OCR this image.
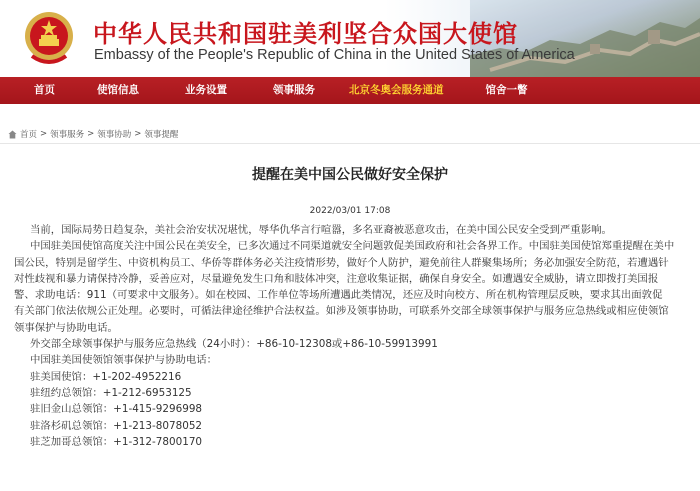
中华人民共和国驻美利坚合众国大使馆
Embassy of the People's Republic of China in the United States of America
首页	使馆信息	业务设置	领事服务	北京冬奥会服务通道	馆舍一瞥
首页 > 领事服务 > 领事协助 > 领事提醒
提醒在美中国公民做好安全保护
2022/03/01 17:08

当前，国际局势日趋复杂，美社会治安状况堪忧，辱华仇华言行喧嚣，多名亚裔被恶意攻击，在美中国公民安全受到严重影响。

中国驻美国使馆高度关注中国公民在美安全，已多次通过不同渠道就安全问题敦促美国政府和社会各界工作。中国驻美国使馆郑重提醒在美中

国公民，特别是留学生、中资机构员工、华侨等群体务必关注疫情形势，做好个人防护，避免前往人群聚集场所；务必加强安全防范，若遭遇针

对性歧视和暴力请保持冷静，妥善应对，尽量避免发生口角和肢体冲突，注意收集证据，确保自身安全。如遭遇安全威胁，请立即拨打美国报

警、求助电话：911（可要求中文服务）。如在校园、工作单位等场所遭遇此类情况，还应及时向校方、所在机构管理层反映，要求其出面敦促

有关部门依法依规公正处理。必要时，可循法律途径维护合法权益。如涉及领事协助，可联系外交部全球领事保护与服务应急热线或相应使领馆

领事保护与协助电话。

外交部全球领事保护与服务应急热线（24小时）：+86-10-12308或+86-10-59913991

中国驻美国使领馆领事保护与协助电话：

驻美国使馆：+1-202-4952216

驻纽约总领馆：+1-212-6953125

驻旧金山总领馆：+1-415-9296998

驻洛杉矶总领馆：+1-213-8078052

驻芝加哥总领馆：+1-312-7800170
